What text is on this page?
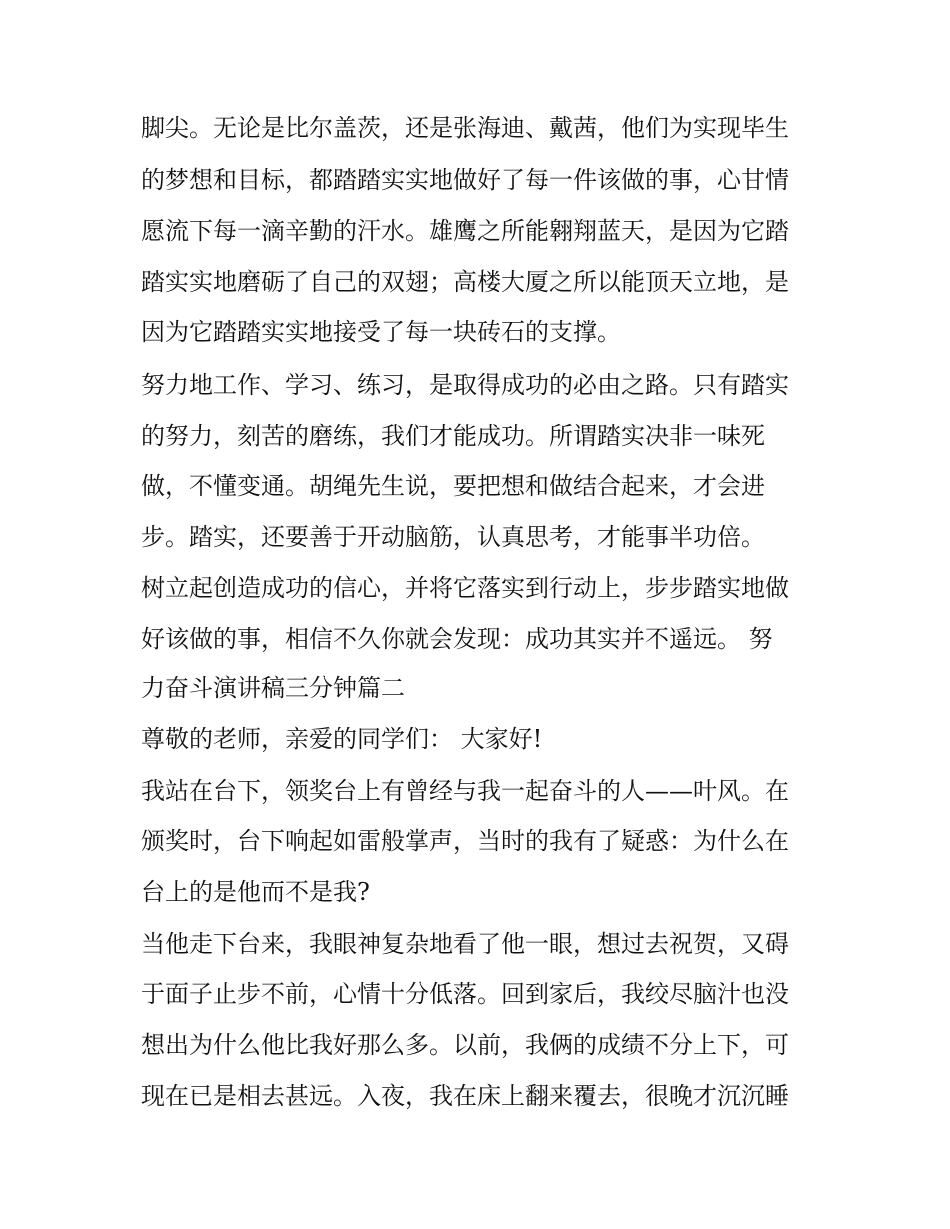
脚尖。无论是比尔盖茨，还是张海迪、戴茜，他们为实现毕生
的梦想和目标，都踏踏实实地做好了每一件该做的事，心甘情
愿流下每一滴辛勤的汗水。雄鹰之所能翱翔蓝天，是因为它踏
踏实实地磨砺了自己的双翅；高楼大厦之所以能顶天立地，是
因为它踏踏实实地接受了每一块砖石的支撑。
努力地工作、学习、练习，是取得成功的必由之路。只有踏实
的努力，刻苦的磨练，我们才能成功。所谓踏实决非一味死
做，不懂变通。胡绳先生说，要把想和做结合起来，才会进
步。踏实，还要善于开动脑筋，认真思考，才能事半功倍。
树立起创造成功的信心，并将它落实到行动上，步步踏实地做
好该做的事，相信不久你就会发现：成功其实并不遥远。 努
力奋斗演讲稿三分钟篇二
尊敬的老师，亲爱的同学们： 大家好!
我站在台下，领奖台上有曾经与我一起奋斗的人——叶风。在
颁奖时，台下响起如雷般掌声，当时的我有了疑惑：为什么在
台上的是他而不是我?
当他走下台来，我眼神复杂地看了他一眼，想过去祝贺，又碍
于面子止步不前，心情十分低落。回到家后，我绞尽脑汁也没
想出为什么他比我好那么多。以前，我俩的成绩不分上下，可
现在已是相去甚远。入夜，我在床上翻来覆去，很晚才沉沉睡
